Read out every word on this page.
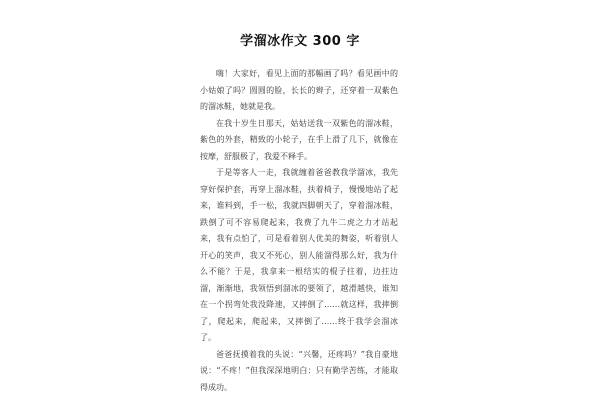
学溜冰作文 300 字

嗨！大家好，看见上面的那幅画了吗？看见画中的小姑娘了吗？圆圆的脸，长长的辫子，还穿着一双紫色的溜冰鞋，她就是我。

在我十岁生日那天，姑姑送我一双紫色的溜冰鞋，紫色的外套，精致的小轮子，在手上滑了几下，就像在按摩，舒服极了，我爱不释手。

于是等客人一走，我就缠着爸爸教我学溜冰，我先穿好保护套，再穿上溜冰鞋，扶着椅子，慢慢地站了起来，谁料到，手一松，我就四脚朝天了，穿着溜冰鞋，跌倒了可不容易爬起来，我费了九牛二虎之力才站起来，我有点怕了，可是看着别人优美的舞姿，听着别人开心的笑声，我又不死心，别人能溜得那么好，我为什么不能？于是，我拿来一根结实的棍子拄着，边拄边溜，渐渐地，我领悟到溜冰的要领了，越滑越快，谁知在一个拐弯处我没降速，又摔倒了……就这样，我摔倒了，爬起来，爬起来，又摔倒了……终于我学会溜冰了。

爸爸抚摸着我的头说：“兴馨，还疼吗？”我自豪地说：“不疼！”但我深深地明白：只有勤学苦练，才能取得成功。
